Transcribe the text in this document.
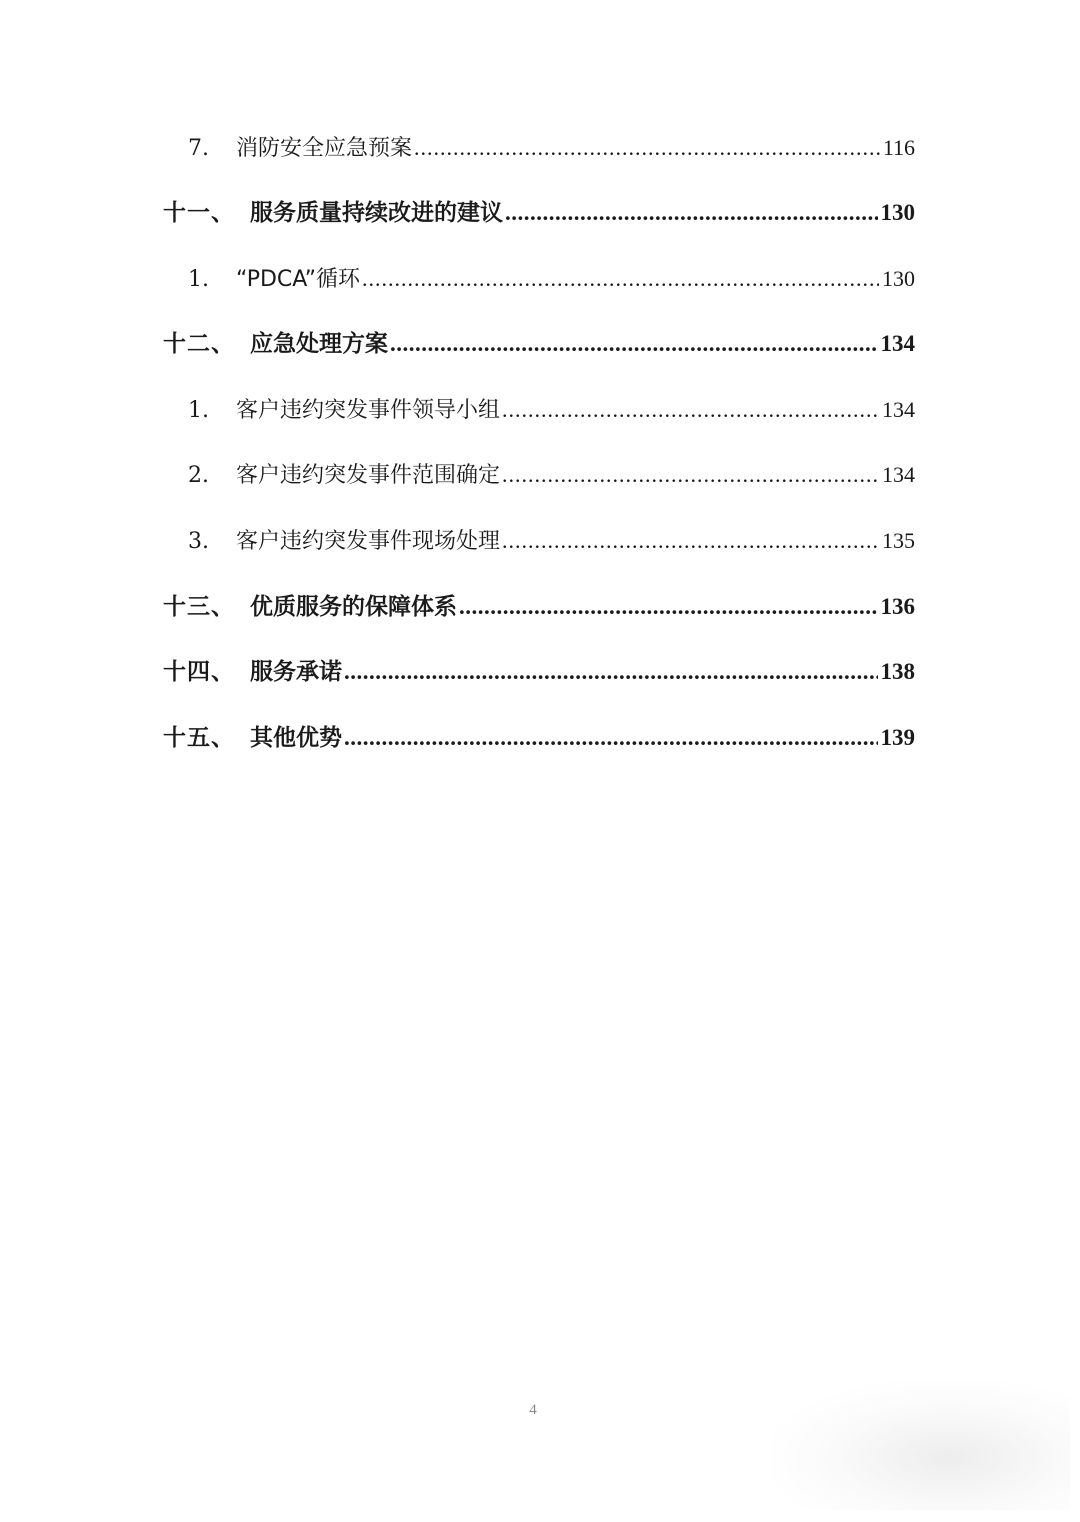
7.	消防安全应急预案 .....	116
十一、 服务质量持续改进的建议 .....	130
1.	“PDCA”循环 .....	130
十二、 应急处理方案 .....	134
1.	客户违约突发事件领导小组 .....	134
2.	客户违约突发事件范围确定 .....	134
3.	客户违约突发事件现场处理 .....	135
十三、 优质服务的保障体系 .....	136
十四、 服务承诺 .....	138
十五、 其他优势 .....	139
4
